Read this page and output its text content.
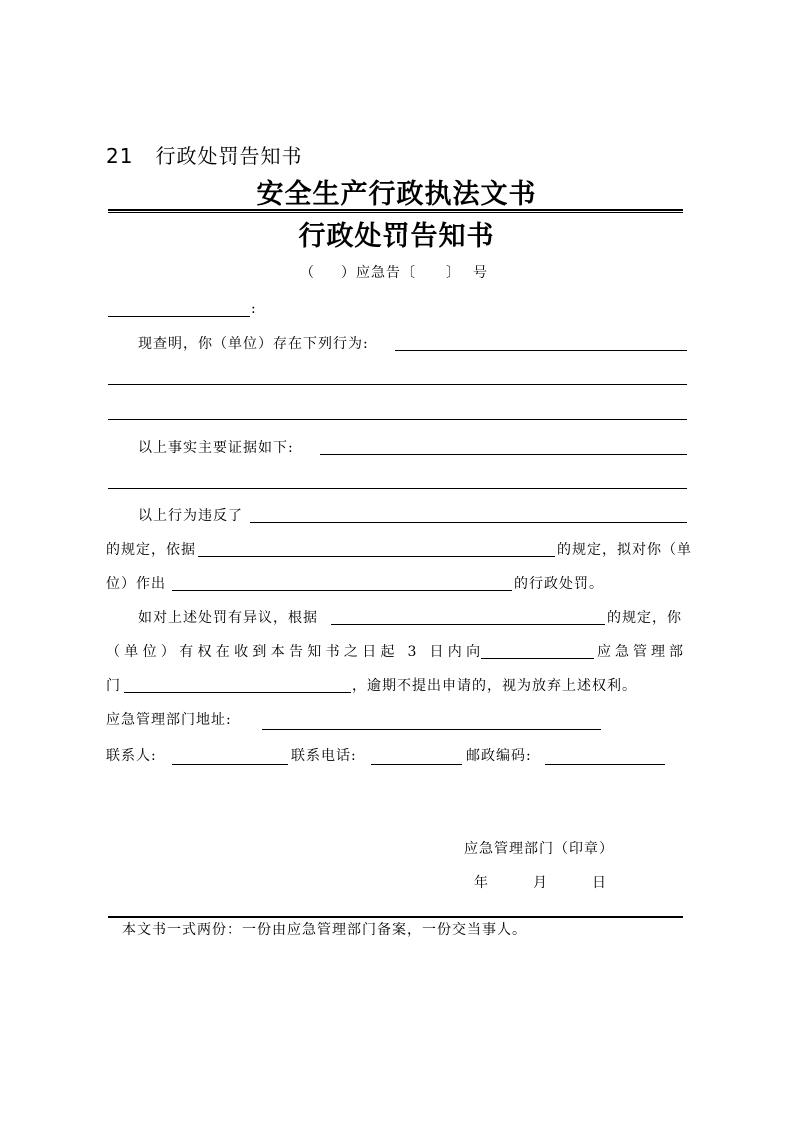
21 行政处罚告知书
安全生产行政执法文书
行政处罚告知书
（ ）应急告〔 〕 号
:
现查明，你（单位）存在下列行为:
以上事实主要证据如下:
以上行为违反了
的规定，依据	的规定，拟对你（单
位）作出	的行政处罚。
如对上述处罚有异议，根据	的规定，你
（单位）有权在收到本告知书之日起 3 日内向	应急管理部
门	，逾期不提出申请的，视为放弃上述权利。
应急管理部门地址:
联系人:	联系电话:	邮政编码:
应急管理部门（印章）
年	月	日
本文书一式两份：一份由应急管理部门备案，一份交当事人。
